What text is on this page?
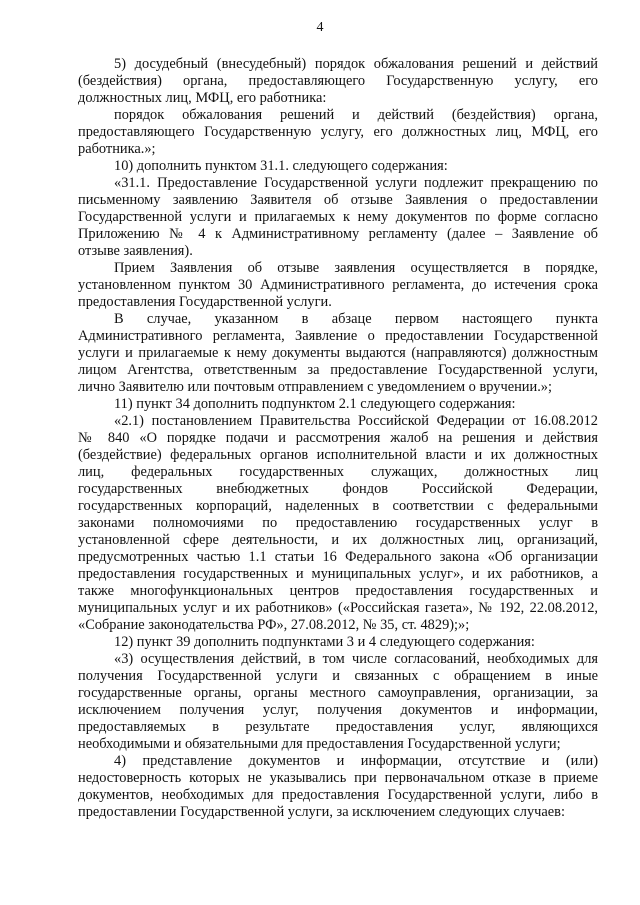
4
5) досудебный (внесудебный) порядок обжалования решений и действий
(бездействия) органа, предоставляющего Государственную услугу, его
должностных лиц, МФЦ, его работника:
порядок обжалования решений и действий (бездействия) органа,
предоставляющего Государственную услугу, его должностных лиц, МФЦ, его
работника.»;
10) дополнить пунктом 31.1. следующего содержания:
«31.1. Предоставление Государственной услуги подлежит прекращению по
письменному заявлению Заявителя об отзыве Заявления о предоставлении
Государственной услуги и прилагаемых к нему документов по форме согласно
Приложению № 4 к Административному регламенту (далее – Заявление об
отзыве заявления).
Прием Заявления об отзыве заявления осуществляется в порядке,
установленном пунктом 30 Административного регламента, до истечения срока
предоставления Государственной услуги.
В случае, указанном в абзаце первом настоящего пункта
Административного регламента, Заявление о предоставлении Государственной
услуги и прилагаемые к нему документы выдаются (направляются) должностным
лицом Агентства, ответственным за предоставление Государственной услуги,
лично Заявителю или почтовым отправлением с уведомлением о вручении.»;
11) пункт 34 дополнить подпунктом 2.1 следующего содержания:
«2.1) постановлением Правительства Российской Федерации от 16.08.2012
№ 840 «О порядке подачи и рассмотрения жалоб на решения и действия
(бездействие) федеральных органов исполнительной власти и их должностных
лиц, федеральных государственных служащих, должностных лиц
государственных внебюджетных фондов Российской Федерации,
государственных корпораций, наделенных в соответствии с федеральными
законами полномочиями по предоставлению государственных услуг в
установленной сфере деятельности, и их должностных лиц, организаций,
предусмотренных частью 1.1 статьи 16 Федерального закона «Об организации
предоставления государственных и муниципальных услуг», и их работников, а
также многофункциональных центров предоставления государственных и
муниципальных услуг и их работников» («Российская газета», № 192, 22.08.2012,
«Собрание законодательства РФ», 27.08.2012, № 35, ст. 4829);»;
12) пункт 39 дополнить подпунктами 3 и 4 следующего содержания:
«3) осуществления действий, в том числе согласований, необходимых для
получения Государственной услуги и связанных с обращением в иные
государственные органы, органы местного самоуправления, организации, за
исключением получения услуг, получения документов и информации,
предоставляемых в результате предоставления услуг, являющихся
необходимыми и обязательными для предоставления Государственной услуги;
4) представление документов и информации, отсутствие и (или)
недостоверность которых не указывались при первоначальном отказе в приеме
документов, необходимых для предоставления Государственной услуги, либо в
предоставлении Государственной услуги, за исключением следующих случаев:
